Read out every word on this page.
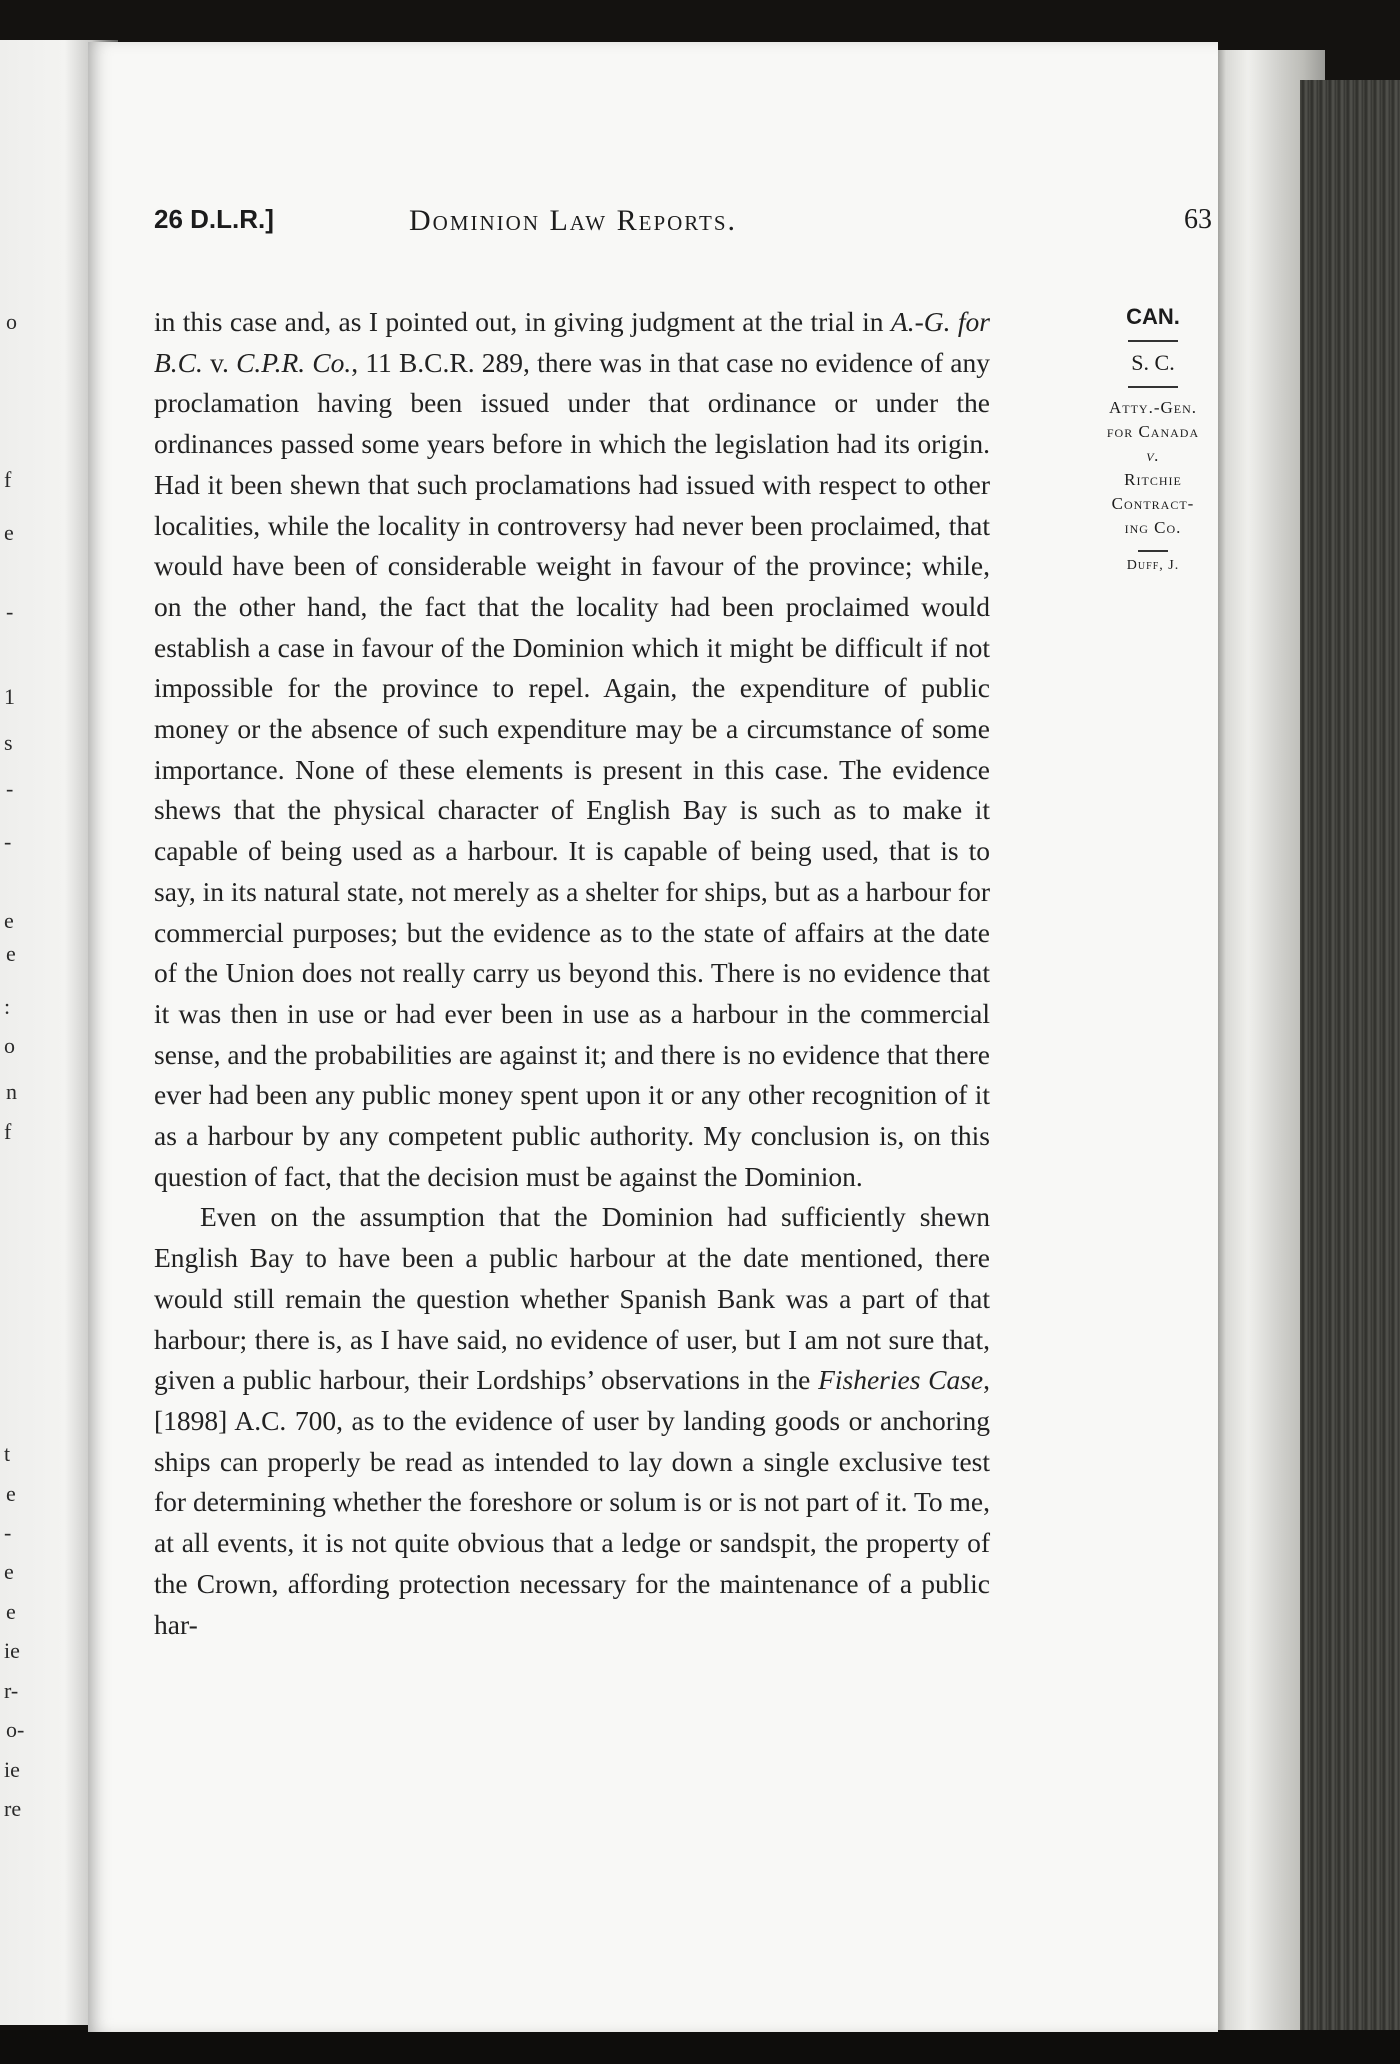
o
f
e
-
1
s
-
-
e
e
:
o
n
f
t
e
-
e
e
ie
r-
o-
ie
re
26 D.L.R.]	Dominion Law Reports.	63

in this case and, as I pointed out, in giving judgment at the trial in A.-G. for B.C. v. C.P.R. Co., 11 B.C.R. 289, there was in that case no evidence of any proclamation having been issued under that ordinance or under the ordinances passed some years before in which the legislation had its origin. Had it been shewn that such proclamations had issued with respect to other localities, while the locality in controversy had never been proclaimed, that would have been of considerable weight in favour of the province; while, on the other hand, the fact that the locality had been proclaimed would establish a case in favour of the Dominion which it might be difficult if not impossible for the province to repel. Again, the expenditure of public money or the absence of such expenditure may be a circumstance of some importance. None of these elements is present in this case. The evidence shews that the physical character of English Bay is such as to make it capable of being used as a harbour. It is capable of being used, that is to say, in its natural state, not merely as a shelter for ships, but as a harbour for commercial purposes; but the evidence as to the state of affairs at the date of the Union does not really carry us beyond this. There is no evidence that it was then in use or had ever been in use as a harbour in the commercial sense, and the probabilities are against it; and there is no evidence that there ever had been any public money spent upon it or any other recognition of it as a harbour by any competent public authority. My conclusion is, on this question of fact, that the decision must be against the Dominion.

Even on the assumption that the Dominion had sufficiently shewn English Bay to have been a public harbour at the date mentioned, there would still remain the question whether Spanish Bank was a part of that harbour; there is, as I have said, no evidence of user, but I am not sure that, given a public harbour, their Lordships’ observations in the Fisheries Case, [1898] A.C. 700, as to the evidence of user by landing goods or anchoring ships can properly be read as intended to lay down a single exclusive test for determining whether the foreshore or solum is or is not part of it. To me, at all events, it is not quite obvious that a ledge or sandspit, the property of the Crown, affording protection necessary for the maintenance of a public har-

CAN.
S. C.
Atty.-Gen.
for Canada
v.
Ritchie
Contract-
ing Co.
Duff, J.
